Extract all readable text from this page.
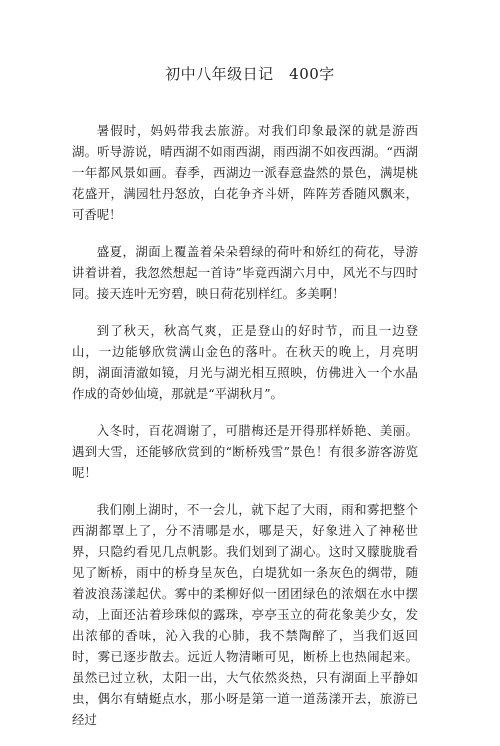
初中八年级日记　400字

暑假时，妈妈带我去旅游。对我们印象最深的就是游西湖。听导游说，晴西湖不如雨西湖，雨西湖不如夜西湖。“西湖一年都风景如画。春季，西湖边一派春意盎然的景色，满堤桃花盛开，满园牡丹怒放，白花争齐斗妍，阵阵芳香随风飘来，可香呢！

盛夏，湖面上覆盖着朵朵碧绿的荷叶和娇红的荷花，导游讲着讲着，我忽然想起一首诗”毕竟西湖六月中，风光不与四时同。接天连叶无穷碧，映日荷花别样红。多美啊！

到了秋天，秋高气爽，正是登山的好时节，而且一边登山，一边能够欣赏满山金色的落叶。在秋天的晚上，月亮明朗，湖面清澈如镜，月光与湖光相互照映，仿佛进入一个水晶作成的奇妙仙境，那就是“平湖秋月”。

入冬时，百花凋谢了，可腊梅还是开得那样娇艳、美丽。遇到大雪，还能够欣赏到的“断桥残雪”景色！有很多游客游览呢！

我们刚上湖时，不一会儿，就下起了大雨，雨和雾把整个西湖都罩上了，分不清哪是水，哪是天，好象进入了神秘世界，只隐约看见几点帆影。我们划到了湖心。这时又朦胧胧看见了断桥，雨中的桥身呈灰色，白堤犹如一条灰色的绸带，随着波浪荡漾起伏。雾中的柔柳好似一团团绿色的浓烟在水中摆动，上面还沾着珍珠似的露珠，亭亭玉立的荷花象美少女，发出浓郁的香味，沁入我的心肺，我不禁陶醉了，当我们返回时，雾已逐步散去。远近人物清晰可见，断桥上也热闹起来。虽然已过立秋，太阳一出，大气依然炎热，只有湖面上平静如虫，偶尔有蜻蜓点水，那小呀是第一道一道荡漾开去，旅游已经过
